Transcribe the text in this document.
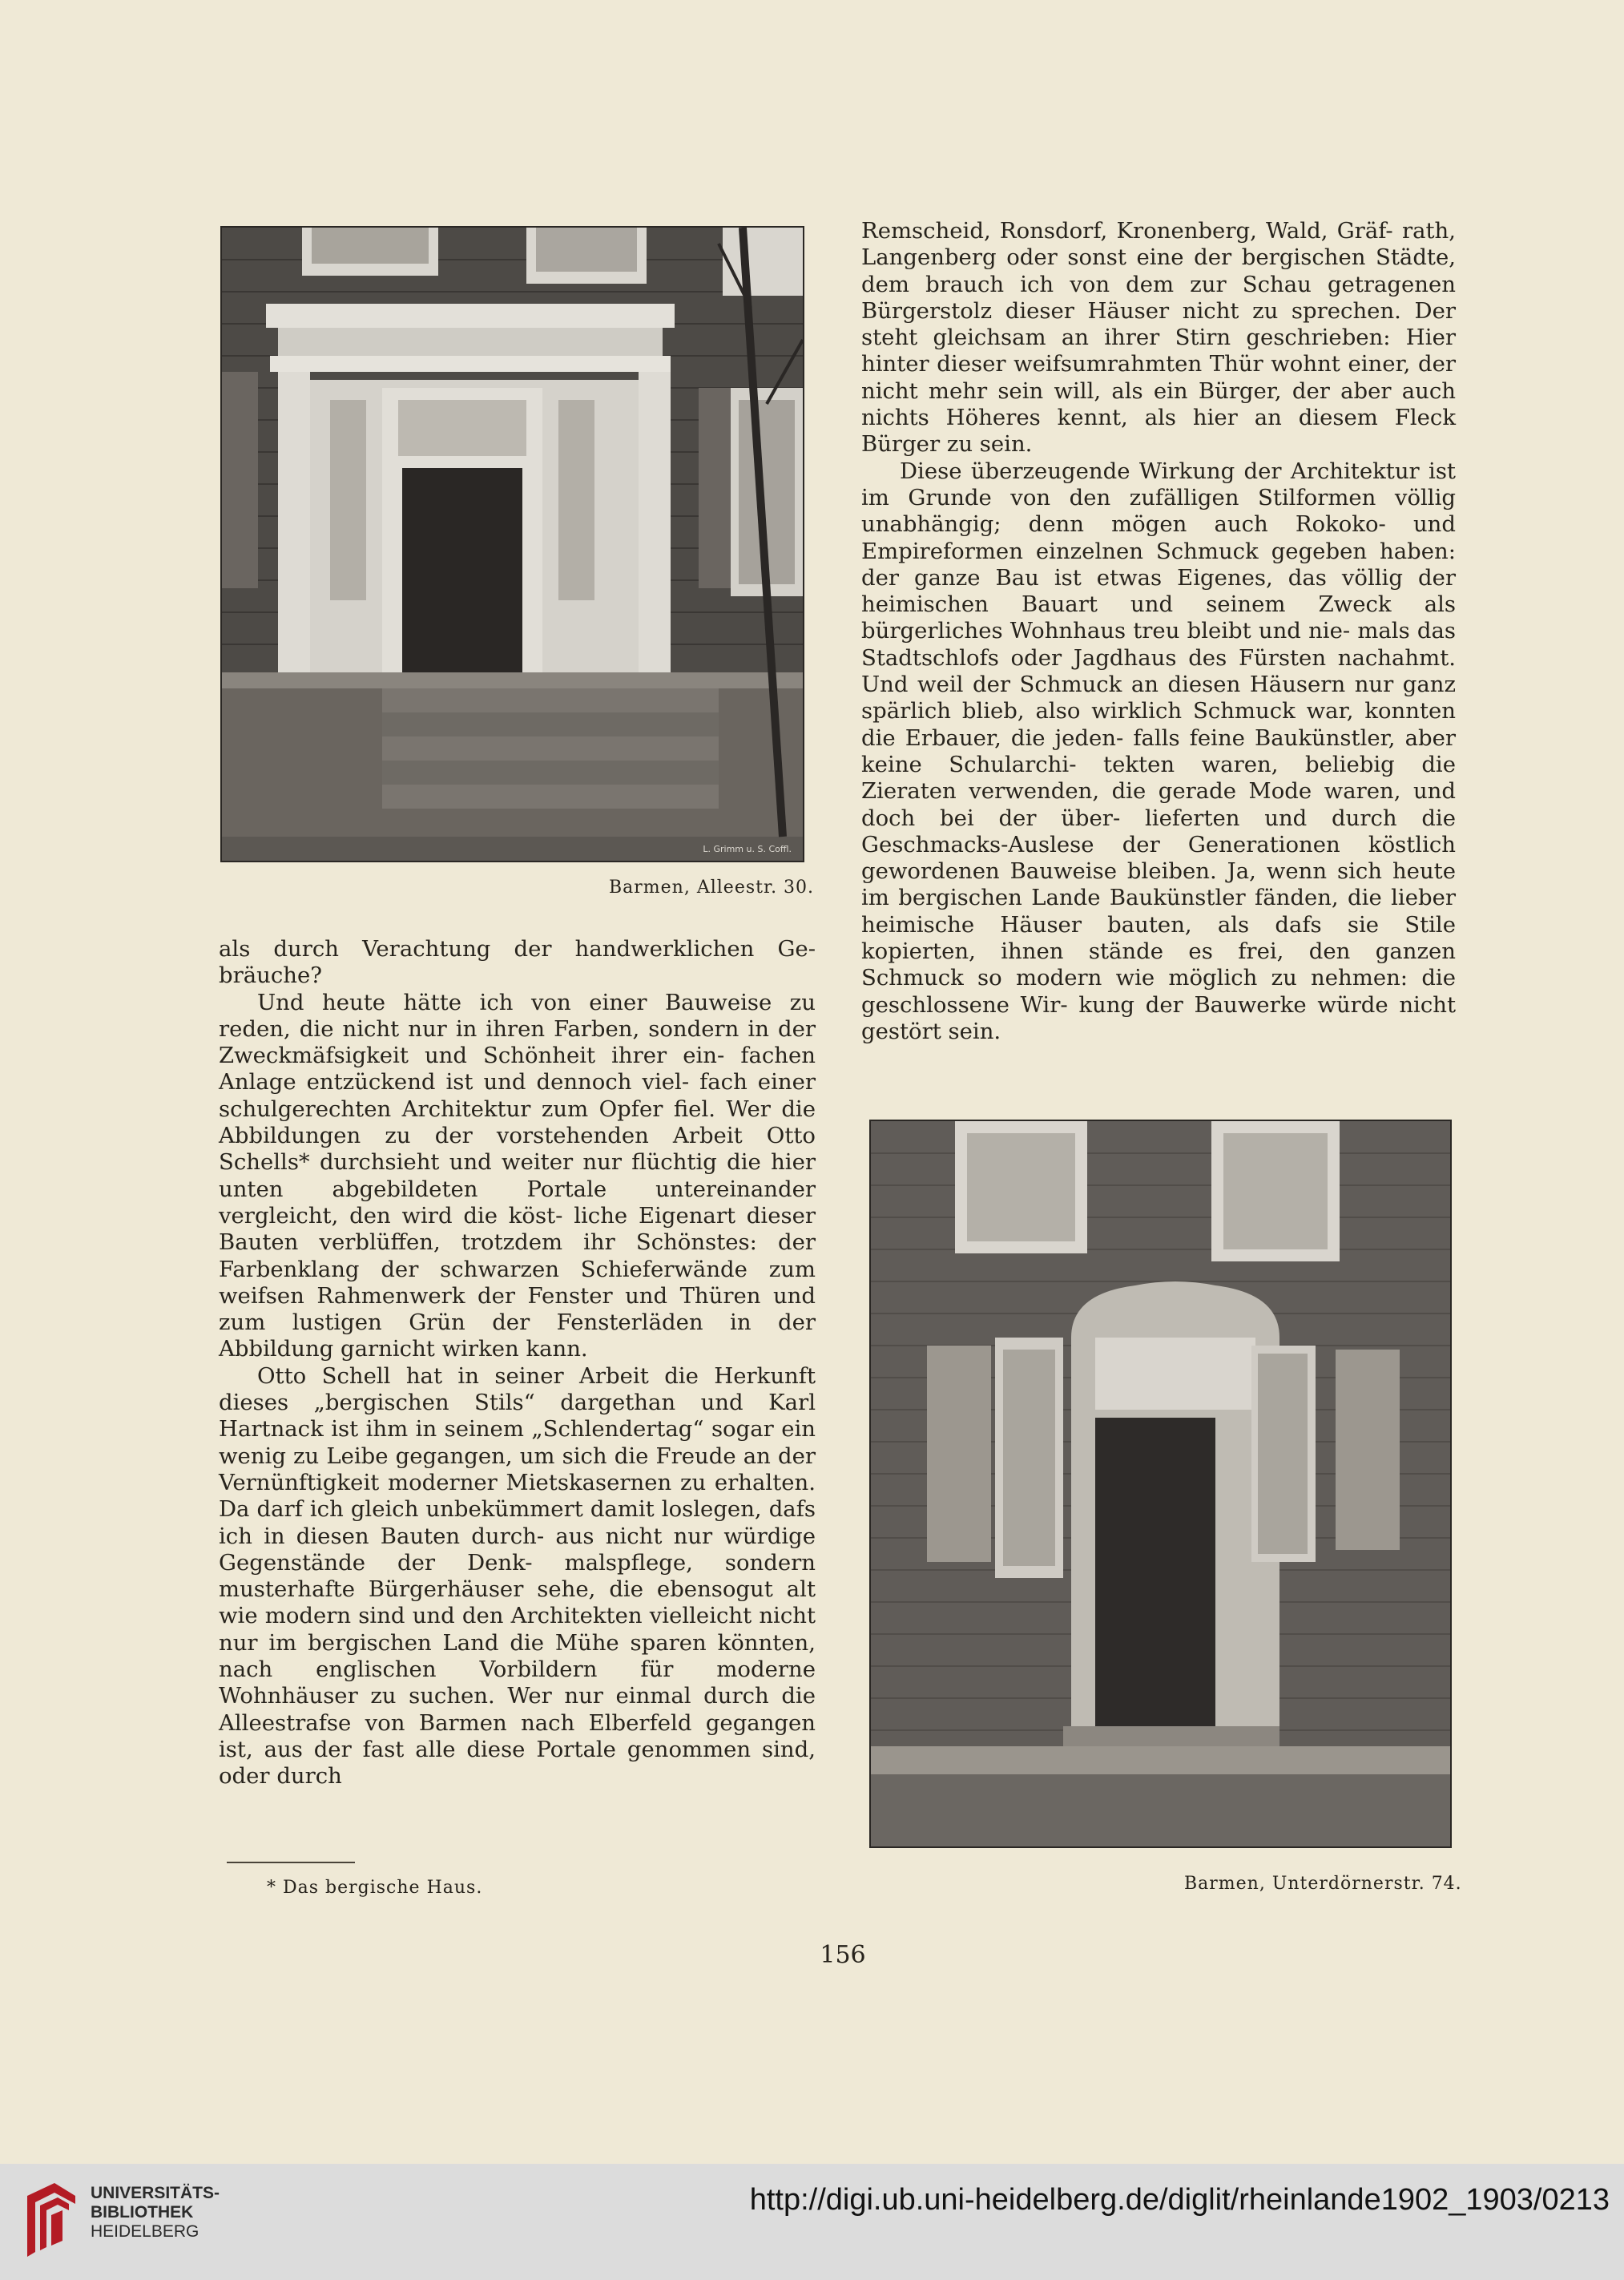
L. Grimm u. S. Coffl.
Barmen, Alleestr. 30.
Barmen, Unterdörnerstr. 74.

als durch Verachtung der handwerklichen Ge- bräuche?

Und heute hätte ich von einer Bauweise zu reden, die nicht nur in ihren Farben, sondern in der Zweckmäfsigkeit und Schönheit ihrer ein- fachen Anlage entzückend ist und dennoch viel- fach einer schulgerechten Architektur zum Opfer fiel. Wer die Abbildungen zu der vorstehenden Arbeit Otto Schells* durchsieht und weiter nur flüchtig die hier unten abgebildeten Portale untereinander vergleicht, den wird die köst- liche Eigenart dieser Bauten verblüffen, trotzdem ihr Schönstes: der Farbenklang der schwarzen Schieferwände zum weifsen Rahmenwerk der Fenster und Thüren und zum lustigen Grün der Fensterläden in der Abbildung garnicht wirken kann.

Otto Schell hat in seiner Arbeit die Herkunft dieses „bergischen Stils“ dargethan und Karl Hartnack ist ihm in seinem „Schlendertag“ sogar ein wenig zu Leibe gegangen, um sich die Freude an der Vernünftigkeit moderner Mietskasernen zu erhalten. Da darf ich gleich unbekümmert damit loslegen, dafs ich in diesen Bauten durch- aus nicht nur würdige Gegenstände der Denk- malspflege, sondern musterhafte Bürgerhäuser sehe, die ebensogut alt wie modern sind und den Architekten vielleicht nicht nur im bergischen Land die Mühe sparen könnten, nach englischen Vorbildern für moderne Wohnhäuser zu suchen. Wer nur einmal durch die Alleestrafse von Barmen nach Elberfeld gegangen ist, aus der fast alle diese Portale genommen sind, oder durch

Remscheid, Ronsdorf, Kronenberg, Wald, Gräf- rath, Langenberg oder sonst eine der bergischen Städte, dem brauch ich von dem zur Schau getragenen Bürgerstolz dieser Häuser nicht zu sprechen. Der steht gleichsam an ihrer Stirn geschrieben: Hier hinter dieser weifsumrahmten Thür wohnt einer, der nicht mehr sein will, als ein Bürger, der aber auch nichts Höheres kennt, als hier an diesem Fleck Bürger zu sein.

Diese überzeugende Wirkung der Architektur ist im Grunde von den zufälligen Stilformen völlig unabhängig; denn mögen auch Rokoko- und Empireformen einzelnen Schmuck gegeben haben: der ganze Bau ist etwas Eigenes, das völlig der heimischen Bauart und seinem Zweck als bürgerliches Wohnhaus treu bleibt und nie- mals das Stadtschlofs oder Jagdhaus des Fürsten nachahmt. Und weil der Schmuck an diesen Häusern nur ganz spärlich blieb, also wirklich Schmuck war, konnten die Erbauer, die jeden- falls feine Baukünstler, aber keine Schularchi- tekten waren, beliebig die Zieraten verwenden, die gerade Mode waren, und doch bei der über- lieferten und durch die Geschmacks-Auslese der Generationen köstlich gewordenen Bauweise bleiben. Ja, wenn sich heute im bergischen Lande Baukünstler fänden, die lieber heimische Häuser bauten, als dafs sie Stile kopierten, ihnen stände es frei, den ganzen Schmuck so modern wie möglich zu nehmen: die geschlossene Wir- kung der Bauwerke würde nicht gestört sein.

* Das bergische Haus.
156
UNIVERSITÄTS-
BIBLIOTHEK
HEIDELBERG
http://digi.ub.uni-heidelberg.de/diglit/rheinlande1902_1903/0213
